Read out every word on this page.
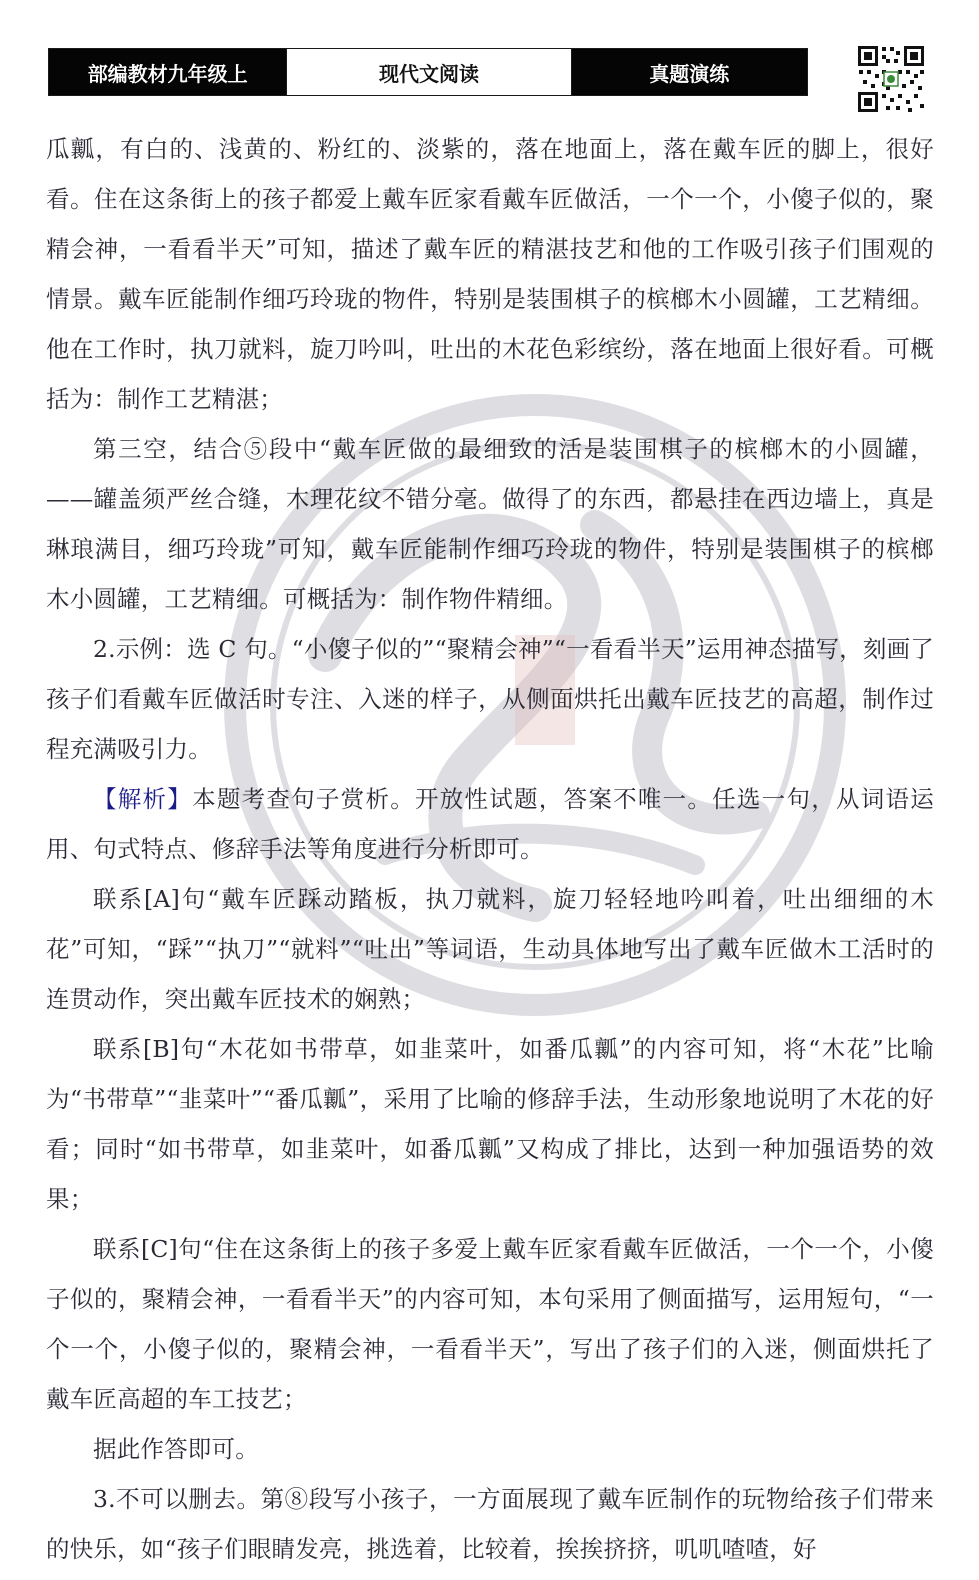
部编教材九年级上	现代文阅读	真题演练

瓜瓤，有白的、浅黄的、粉红的、淡紫的，落在地面上，落在戴车匠的脚上，很好看。住在这条街上的孩子都爱上戴车匠家看戴车匠做活，一个一个，小傻子似的，聚精会神，一看看半天”可知，描述了戴车匠的精湛技艺和他的工作吸引孩子们围观的情景。戴车匠能制作细巧玲珑的物件，特别是装围棋子的槟榔木小圆罐，工艺精细。他在工作时，执刀就料，旋刀吟叫，吐出的木花色彩缤纷，落在地面上很好看。可概括为：制作工艺精湛；

第三空，结合⑤段中“戴车匠做的最细致的活是装围棋子的槟榔木的小圆罐，——罐盖须严丝合缝，木理花纹不错分毫。做得了的东西，都悬挂在西边墙上，真是琳琅满目，细巧玲珑”可知，戴车匠能制作细巧玲珑的物件，特别是装围棋子的槟榔木小圆罐，工艺精细。可概括为：制作物件精细。

2.示例：选 C 句。“小傻子似的”“聚精会神”“一看看半天”运用神态描写，刻画了孩子们看戴车匠做活时专注、入迷的样子，从侧面烘托出戴车匠技艺的高超，制作过程充满吸引力。

【解析】本题考查句子赏析。开放性试题，答案不唯一。任选一句，从词语运用、句式特点、修辞手法等角度进行分析即可。

联系[A]句“戴车匠踩动踏板，执刀就料，旋刀轻轻地吟叫着，吐出细细的木花”可知，“踩”“执刀”“就料”“吐出”等词语，生动具体地写出了戴车匠做木工活时的连贯动作，突出戴车匠技术的娴熟；

联系[B]句“木花如书带草，如韭菜叶，如番瓜瓤”的内容可知，将“木花”比喻为“书带草”“韭菜叶”“番瓜瓤”，采用了比喻的修辞手法，生动形象地说明了木花的好看；同时“如书带草，如韭菜叶，如番瓜瓤”又构成了排比，达到一种加强语势的效果；

联系[C]句“住在这条街上的孩子多爱上戴车匠家看戴车匠做活，一个一个，小傻子似的，聚精会神，一看看半天”的内容可知，本句采用了侧面描写，运用短句，“一个一个，小傻子似的，聚精会神，一看看半天”，写出了孩子们的入迷，侧面烘托了戴车匠高超的车工技艺；

据此作答即可。

3.不可以删去。第⑧段写小孩子，一方面展现了戴车匠制作的玩物给孩子们带来的快乐，如“孩子们眼睛发亮，挑选着，比较着，挨挨挤挤，叽叽喳喳，好
